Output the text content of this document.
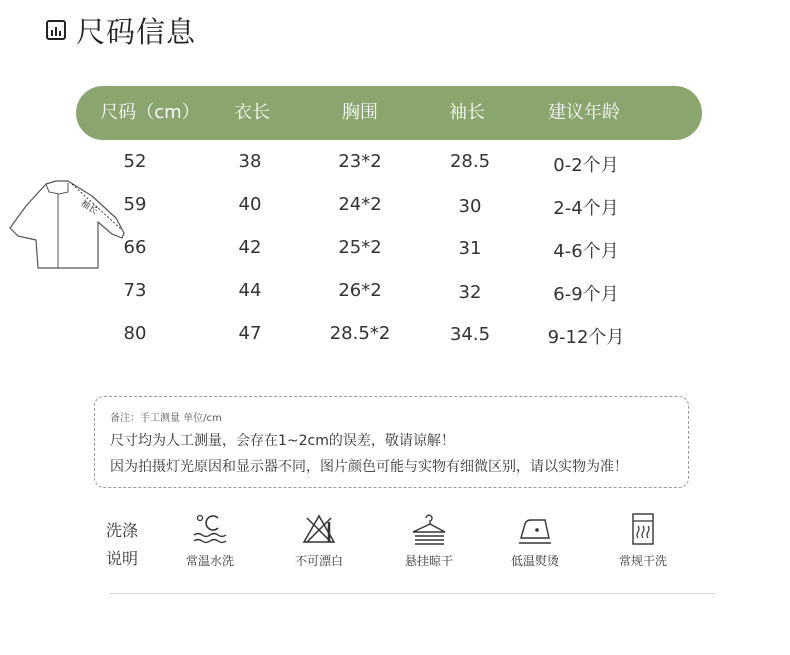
尺码信息
尺码（cm） 衣长	胸围	袖长	建议年龄
52	38	23*2	28.5	0-2个月
59	40	24*2	30	2-4个月
66	42	25*2	31	4-6个月
73	44	26*2	32	6-9个月
80	47	28.5*2	34.5	9-12个月
袖长
备注：手工测量 单位/cm
尺寸均为人工测量，会存在1~2cm的误差，敬请谅解！
因为拍摄灯光原因和显示器不同，图片颜色可能与实物有细微区别，请以实物为准！
洗涤
说明	常温水洗	不可漂白	悬挂晾干	低温熨烫	常规干洗
